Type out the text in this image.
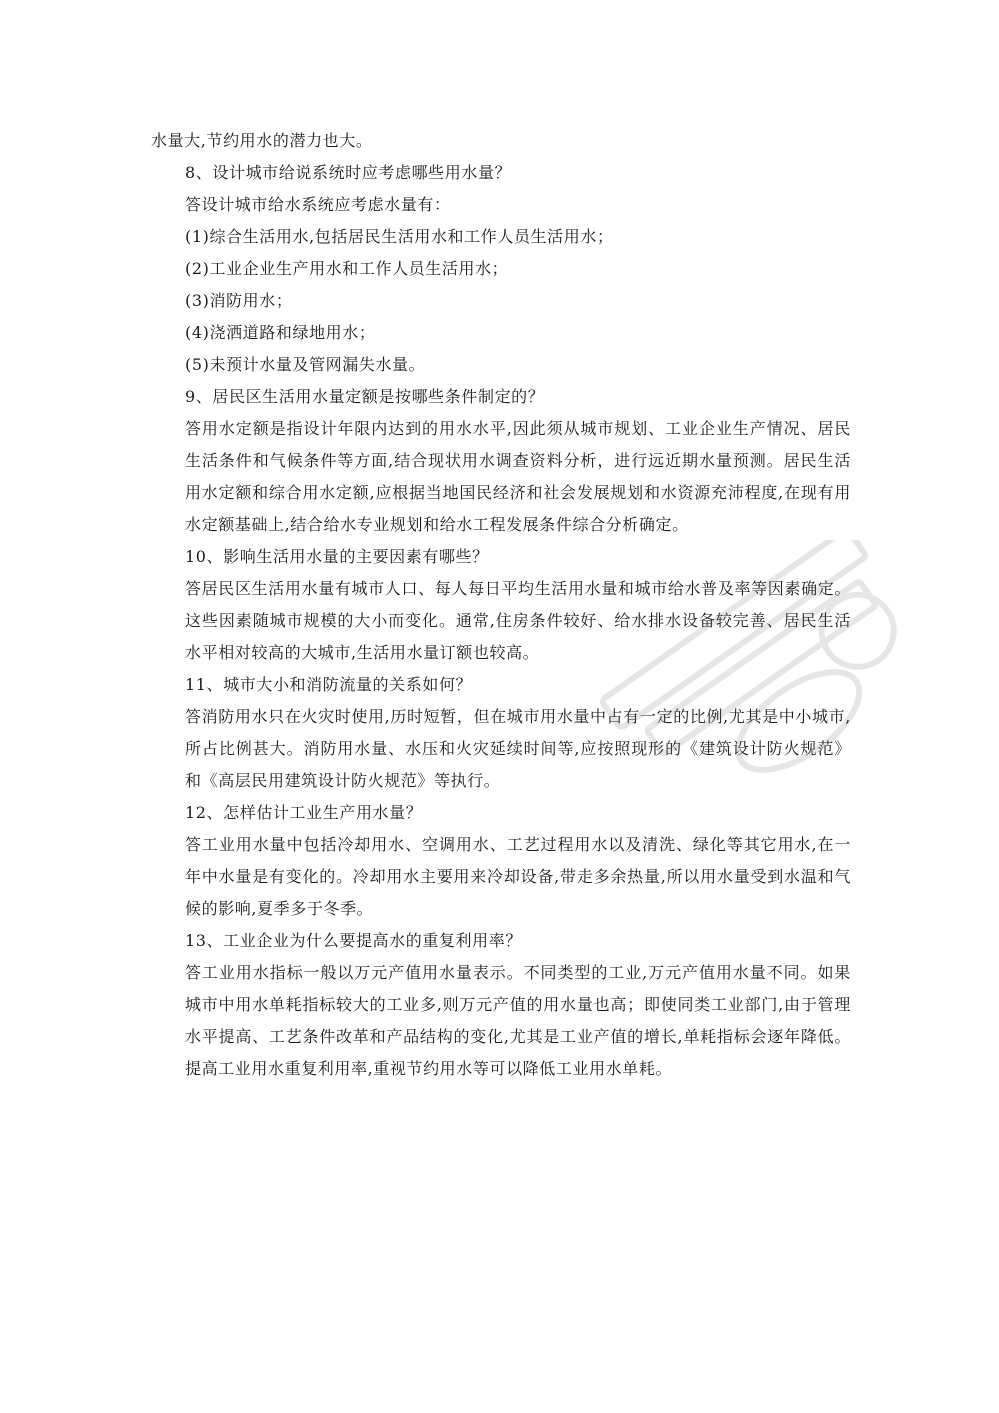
水量大,节约用水的潜力也大。

8、设计城市给说系统时应考虑哪些用水量？

答设计城市给水系统应考虑水量有：

(1)综合生活用水,包括居民生活用水和工作人员生活用水；

(2)工业企业生产用水和工作人员生活用水；

(3)消防用水；

(4)浇洒道路和绿地用水；

(5)未预计水量及管网漏失水量。

9、居民区生活用水量定额是按哪些条件制定的？

答用水定额是指设计年限内达到的用水水平,因此须从城市规划、工业企业生产情况、居民生活条件和气候条件等方面,结合现状用水调查资料分析，进行远近期水量预测。居民生活用水定额和综合用水定额,应根据当地国民经济和社会发展规划和水资源充沛程度,在现有用水定额基础上,结合给水专业规划和给水工程发展条件综合分析确定。

10、影响生活用水量的主要因素有哪些？

答居民区生活用水量有城市人口、每人每日平均生活用水量和城市给水普及率等因素确定。这些因素随城市规模的大小而变化。通常,住房条件较好、给水排水设备较完善、居民生活水平相对较高的大城市,生活用水量订额也较高。

11、城市大小和消防流量的关系如何？

答消防用水只在火灾时使用,历时短暂，但在城市用水量中占有一定的比例,尤其是中小城市,所占比例甚大。消防用水量、水压和火灾延续时间等,应按照现形的《建筑设计防火规范》和《高层民用建筑设计防火规范》等执行。

12、怎样估计工业生产用水量？

答工业用水量中包括冷却用水、空调用水、工艺过程用水以及清洗、绿化等其它用水,在一年中水量是有变化的。冷却用水主要用来冷却设备,带走多余热量,所以用水量受到水温和气候的影响,夏季多于冬季。

13、工业企业为什么要提高水的重复利用率？

答工业用水指标一般以万元产值用水量表示。不同类型的工业,万元产值用水量不同。如果城市中用水单耗指标较大的工业多,则万元产值的用水量也高；即使同类工业部门,由于管理水平提高、工艺条件改革和产品结构的变化,尤其是工业产值的增长,单耗指标会逐年降低。提高工业用水重复利用率,重视节约用水等可以降低工业用水单耗。
